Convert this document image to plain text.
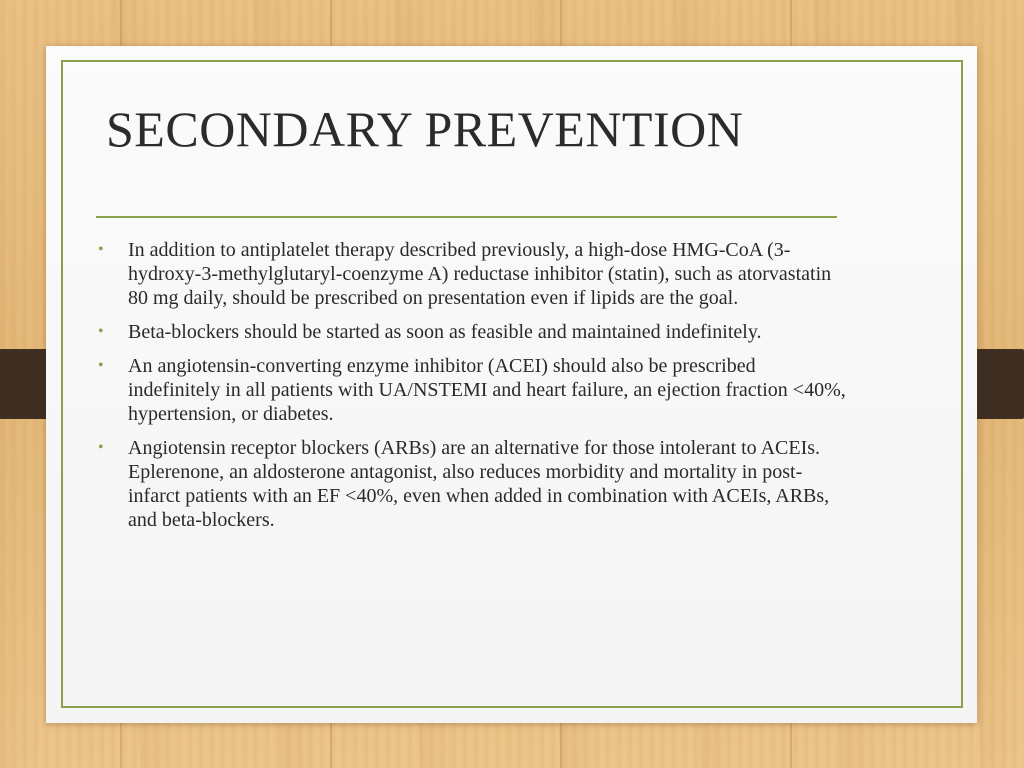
SECONDARY PREVENTION
• In addition to antiplatelet therapy described previously, a high-dose HMG-CoA (3-hydroxy-3-methylglutaryl-coenzyme A) reductase inhibitor (statin), such as atorvastatin 80 mg daily, should be prescribed on presentation even if lipids are the goal.
• Beta-blockers should be started as soon as feasible and maintained indefinitely.
• An angiotensin-converting enzyme inhibitor (ACEI) should also be prescribed indefinitely in all patients with UA/NSTEMI and heart failure, an ejection fraction <40%, hypertension, or diabetes.
• Angiotensin receptor blockers (ARBs) are an alternative for those intolerant to ACEIs. Eplerenone, an aldosterone antagonist, also reduces morbidity and mortality in post-infarct patients with an EF <40%, even when added in combination with ACEIs, ARBs, and beta-blockers.
